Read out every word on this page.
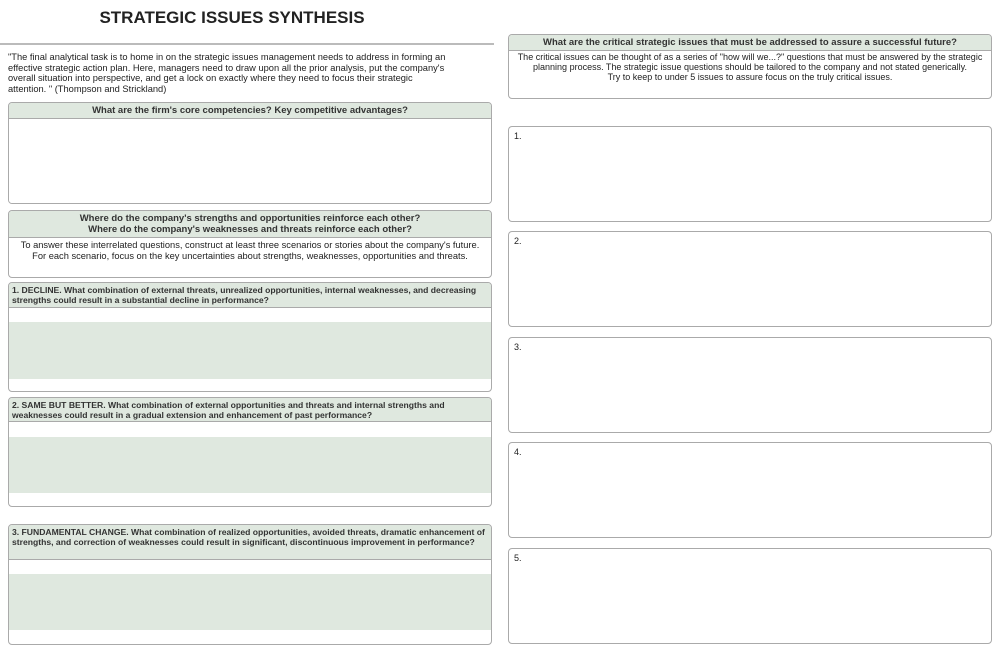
STRATEGIC ISSUES SYNTHESIS
"The final analytical task is to home in on the strategic issues management needs to address in forming an effective strategic action plan. Here, managers need to draw upon all the prior analysis, put the company's overall situation into perspective, and get a lock on exactly where they need to focus their strategic attention. " (Thompson and Strickland)
What are the firm's core competencies? Key competitive advantages?
Where do the company's strengths and opportunities reinforce each other?
Where do the company's weaknesses and threats reinforce each other?
To answer these interrelated questions, construct at least three scenarios or stories about the company's future. For each scenario, focus on the key uncertainties about strengths, weaknesses, opportunities and threats.
1. DECLINE. What combination of external threats, unrealized opportunities, internal weaknesses, and decreasing strengths could result in a substantial decline in performance?
2. SAME BUT BETTER. What combination of external opportunities and threats and internal strengths and weaknesses could result in a gradual extension and enhancement of past performance?
3. FUNDAMENTAL CHANGE. What combination of realized opportunities, avoided threats, dramatic enhancement of strengths, and correction of weaknesses could result in significant, discontinuous improvement in performance?
What are the critical strategic issues that must be addressed to assure a successful future?
The critical issues can be thought of as a series of "how will we...?" questions that must be answered by the strategic planning process. The strategic issue questions should be tailored to the company and not stated generically.
Try to keep to under 5 issues to assure focus on the truly critical issues.
1.
2.
3.
4.
5.
